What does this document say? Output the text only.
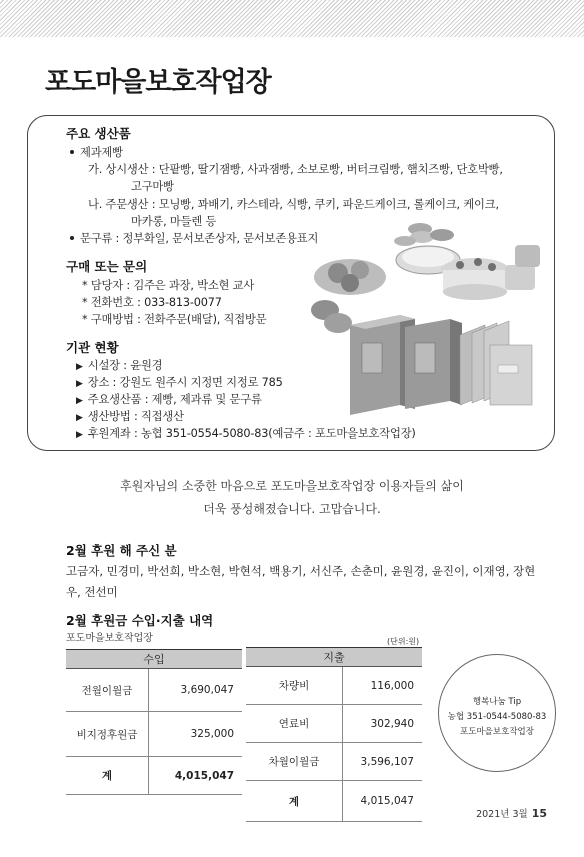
포도마을보호작업장
주요 생산품
제과제빵
가. 상시생산 : 단팥빵, 딸기잼빵, 사과잼빵, 소보로빵, 버터크림빵, 햄치즈빵, 단호박빵,
고구마빵
나. 주문생산 : 모닝빵, 꽈배기, 카스테라, 식빵, 쿠키, 파운드케이크, 롤케이크, 케이크,
마카롱, 마들렌 등
문구류 : 정부화일, 문서보존상자, 문서보존용표지
구매 또는 문의
* 담당자 : 김주은 과장, 박소현 교사
* 전화번호 : 033-813-0077
* 구매방법 : 전화주문(배달), 직접방문
기관 현황
▶ 시설장 : 윤원경
▶ 장소 : 강원도 원주시 지정면 지정로 785
▶ 주요생산품 : 제빵, 제과류 및 문구류
▶ 생산방법 : 직접생산
▶ 후원계좌 : 농협 351-0554-5080-83(예금주 : 포도마을보호작업장)
후원자님의 소중한 마음으로 포도마을보호작업장 이용자들의 삶이
더욱 풍성해졌습니다. 고맙습니다.
2월 후원 해 주신 분
고금자, 민경미, 박선희, 박소현, 박현석, 백용기, 서신주, 손춘미, 윤원경, 윤진이, 이재영, 장현우, 전선미
2월 후원금 수입·지출 내역
포도마을보호작업장	(단위:원)
수입	지출
전월이월금	3,690,047
비지정후원금	325,000
계	4,015,047
차량비	116,000
연료비	302,940
차월이월금	3,596,107
계	4,015,047
행복나눔 Tip
농협 351-0544-5080-83
포도마을보호작업장
2021년 3월 15
